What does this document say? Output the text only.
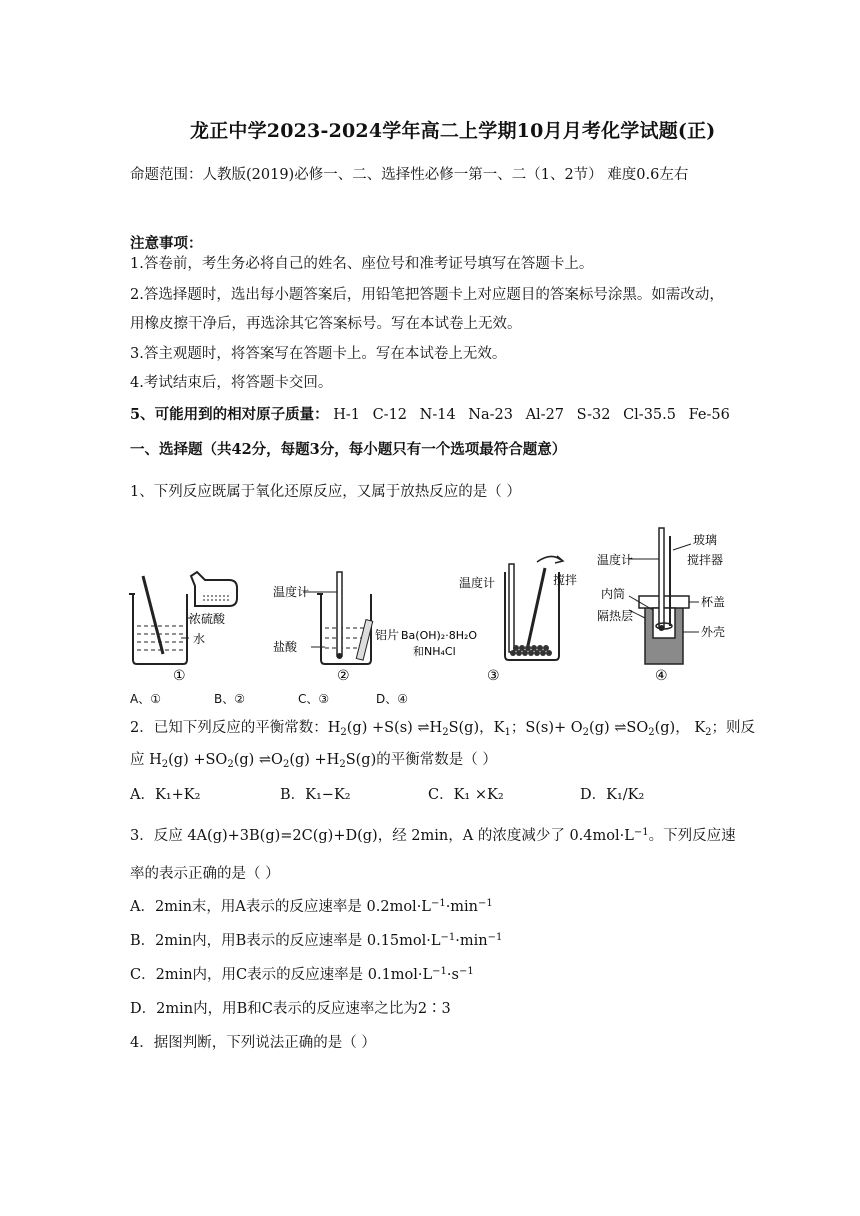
龙正中学2023-2024学年高二上学期10月月考化学试题(正)
命题范围：人教版(2019)必修一、二、选择性必修一第一、二（1、2节） 难度0.6左右
注意事项：
1.答卷前，考生务必将自己的姓名、座位号和准考证号填写在答题卡上。
2.答选择题时，选出每小题答案后，用铅笔把答题卡上对应题目的答案标号涂黑。如需改动，
用橡皮擦干净后，再选涂其它答案标号。写在本试卷上无效。
3.答主观题时，将答案写在答题卡上。写在本试卷上无效。
4.考试结束后，将答题卡交回。
5、可能用到的相对原子质量： H-1 C-12 N-14 Na-23 Al-27 S-32 Cl-35.5 Fe-56
一、选择题（共42分，每题3分，每小题只有一个选项最符合题意）
1、下列反应既属于氧化还原反应，又属于放热反应的是（ ）
浓硫酸
水
①
温度计
盐酸
铝片
②
Ba(OH)₂·8H₂O
和NH₄Cl
温度计	搅拌
③
温度计
玻璃
搅拌器
内筒
杯盖
隔热层
外壳
④
A、①	B、②	C、③	D、④
2．已知下列反应的平衡常数：$H_2(g) +S(s)$ $\rightleftharpoons H_2S(g)$，$K_1$；$S(s)+ O_2(g)$ $\rightleftharpoons SO_2(g)$， $K_2$；则反
应 $H_2(g) +SO_2(g)$ $\rightleftharpoons O_2(g) +H_2S(g)$的平衡常数是（ ）
A．K₁+K₂	B．K₁−K₂	C．K₁ ×K₂	D．K₁/K₂
3．反应 4A(g)+3B(g)=2C(g)+D(g)，经 2min，A 的浓度减少了 $0.4mol\cdot L^{-1}$。下列反应速
率的表示正确的是（ ）
A．2min末，用A表示的反应速率是 $0.2mol\cdot L^{-1}\cdot\min^{-1}$
B．2min内，用B表示的反应速率是 $0.15mol\cdot L^{-1}\cdot\min^{-1}$
C．2min内，用C表示的反应速率是 $0.1mol\cdot L^{-1}\cdot s^{-1}$
D．2min内，用B和C表示的反应速率之比为2∶3
4．据图判断，下列说法正确的是（ ）
